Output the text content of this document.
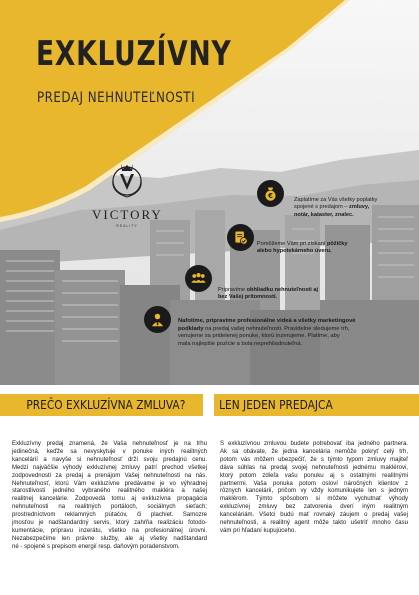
EXKLUZÍVNY
PREDAJ NEHNUTEĽNOSTI
VICTORY
REALITY
€	Zaplatíme za Vás všetky poplatky
spojené s predajom – zmluvy,
notár, kataster, znalec.
Pomôžeme Vám pri získaní pôžičky
alebo hypotekárneho úveru.
Pripravíme obhliadku nehnuteľnosti aj
bez Vašej prítomnosti.
Nafotíme, pripravíme profesionálne videá a všetky marketingové
podklady na predaj vašej nehnuteľnosti. Pravidelne sledujeme trh,
venujeme sa pridelenej ponuke, ktorú inzerujeme. Platíme, aby
mala najlepšie pozície a bola neprehliadnuteľná.
PREČO EXKLUZÍVNA ZMLUVA?	LEN JEDEN PREDAJCA
Exkluzívny predaj znamená, že Vaša nehnuteľnosť je na trhu
jedinečná, keďže sa nevyskytuje v ponuke iných realitných
kancelárií a navyše si nehnuteľnosť drží svoju predajnú cenu.
Medzi najväčšie výhody exkluzívnej zmluvy patrí prechod všetkej
zodpovednosti za predaj a prenájom Vašej nehnuteľnosti na nás.
Nehnuteľnosť, ktorú Vám exkluzívne predávame je vo výhradnej
starostlivosti jedného vybraného realitného makléra a našej
realitnej kancelárie. Zodpovedá tomu aj exkluzívna propagácia
nehnuteľnosti na realitných portáloch, sociálnych sieťach;
prostredníctvom reklamných pútačov, či plachiet. Samozre
jmosťou je nadštandardný servis, ktorý zahŕňa realizáciu fotodo-
kumentácie, prípravu inzerátu, všetko na profesionálnej úrovni.
Nezabezpečíme len právne služby, ale aj všetky nadštandard
né - spojené s prepisom energií resp. daňovým poradenstvom.
S exkluzívnou zmluvou budete potrebovať iba jedného partnera.
Ak sa obávate, že jedna kancelária nemôže pokryť celý trh,
potom vás môžem ubezpečiť, že s týmto typom zmluvy majiteľ
dáva súhlas na predaj svojej nehnuteľnosti jednému maklérovi,
ktorý potom zdieľa vašu ponuku aj s ostatnými realitnými
partnermi. Vaša ponuka potom osloví náročných klientov z
rôznych kancelárií, pričom vy vždy komunikujete len s jedným
maklérom. Týmto spôsobom si môžete vychutnať výhody
exkluzívnej zmluvy bez zatvorenia dverí iným realitným
kanceláriám. Všetci budú mať rovnaký záujem o predaj vašej
nehnuteľnosti, a realitný agent môže takto ušetriť mnoho času
vám pri hľadaní kupujúceho.
